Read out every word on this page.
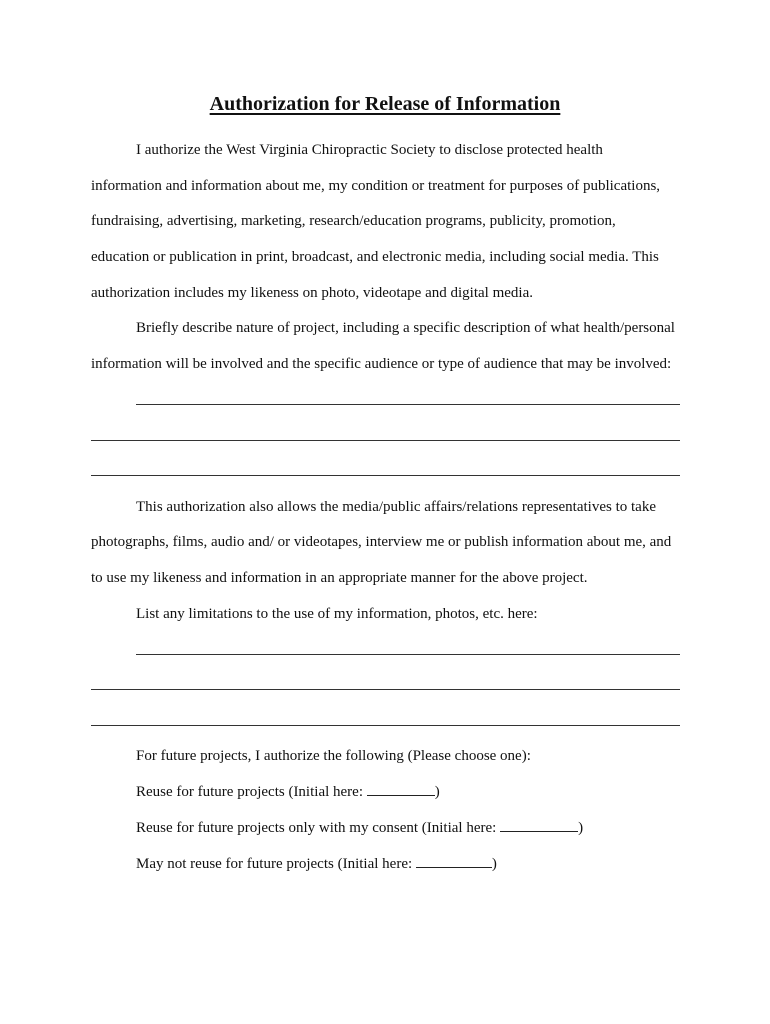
Authorization for Release of Information
I authorize the West Virginia Chiropractic Society to disclose protected health
information and information about me, my condition or treatment for purposes of publications,
fundraising, advertising, marketing, research/education programs, publicity, promotion,
education or publication in print, broadcast, and electronic media, including social media. This
authorization includes my likeness on photo, videotape and digital media.
Briefly describe nature of project, including a specific description of what health/personal
information will be involved and the specific audience or type of audience that may be involved:
This authorization also allows the media/public affairs/relations representatives to take
photographs, films, audio and/ or videotapes, interview me or publish information about me, and
to use my likeness and information in an appropriate manner for the above project.
List any limitations to the use of my information, photos, etc. here:
For future projects, I authorize the following (Please choose one):
Reuse for future projects (Initial here:	)
Reuse for future projects only with my consent (Initial here:	)
May not reuse for future projects (Initial here:	)
